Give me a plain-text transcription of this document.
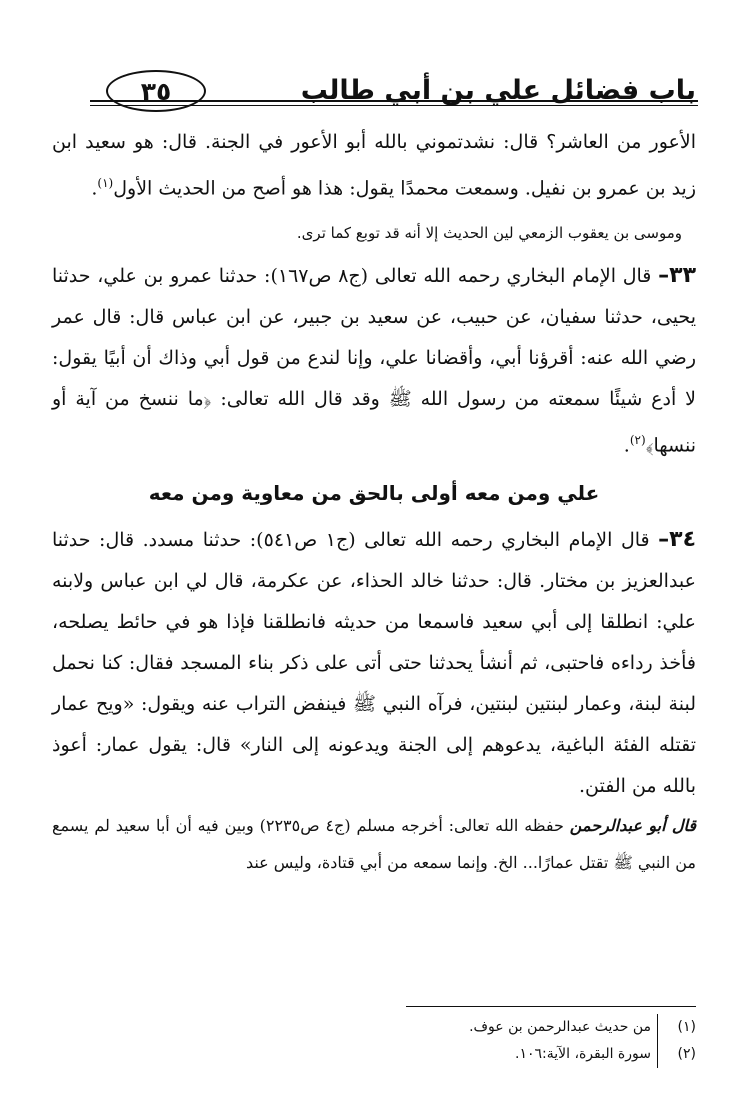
باب فضائل علي بن أبي طالب
٣٥

الأعور من العاشر؟ قال: نشدتموني بالله أبو الأعور في الجنة. قال: هو سعيد ابن زيد بن عمرو بن نفيل. وسمعت محمدًا يقول: هذا هو أصح من الحديث الأول$^{(١)}$.

وموسى بن يعقوب الزمعي لين الحديث إلا أنه قد توبع كما ترى.

٣٣– قال الإمام البخاري رحمه الله تعالى (ج٨ ص١٦٧): حدثنا عمرو بن علي، حدثنا يحيى، حدثنا سفيان، عن حبيب، عن سعيد بن جبير، عن ابن عباس قال: قال عمر رضي الله عنه: أقرؤنا أبي، وأقضانا علي، وإنا لندع من قول أبي وذاك أن أبيًا يقول: لا أدع شيئًا سمعته من رسول الله ﷺ وقد قال الله تعالى: ﴿ما ننسخ من آية أو ننسها﴾$^{(٢)}$.

علي ومن معه أولى بالحق من معاوية ومن معه

٣٤– قال الإمام البخاري رحمه الله تعالى (ج١ ص٥٤١): حدثنا مسدد. قال: حدثنا عبدالعزيز بن مختار. قال: حدثنا خالد الحذاء، عن عكرمة، قال لي ابن عباس ولابنه علي: انطلقا إلى أبي سعيد فاسمعا من حديثه فانطلقنا فإذا هو في حائط يصلحه، فأخذ رداءه فاحتبى، ثم أنشأ يحدثنا حتى أتى على ذكر بناء المسجد فقال: كنا نحمل لبنة لبنة، وعمار لبنتين لبنتين، فرآه النبي ﷺ فينفض التراب عنه ويقول: «ويح عمار تقتله الفئة الباغية، يدعوهم إلى الجنة ويدعونه إلى النار» قال: يقول عمار: أعوذ بالله من الفتن.

قال أبو عبدالرحمن حفظه الله تعالى: أخرجه مسلم (ج٤ ص٢٢٣٥) وبين فيه أن أبا سعيد لم يسمع من النبي ﷺ تقتل عمارًا... الخ. وإنما سمعه من أبي قتادة، وليس عند

(١)
من حديث عبدالرحمن بن عوف.
(٢)
سورة البقرة، الآية:١٠٦.
